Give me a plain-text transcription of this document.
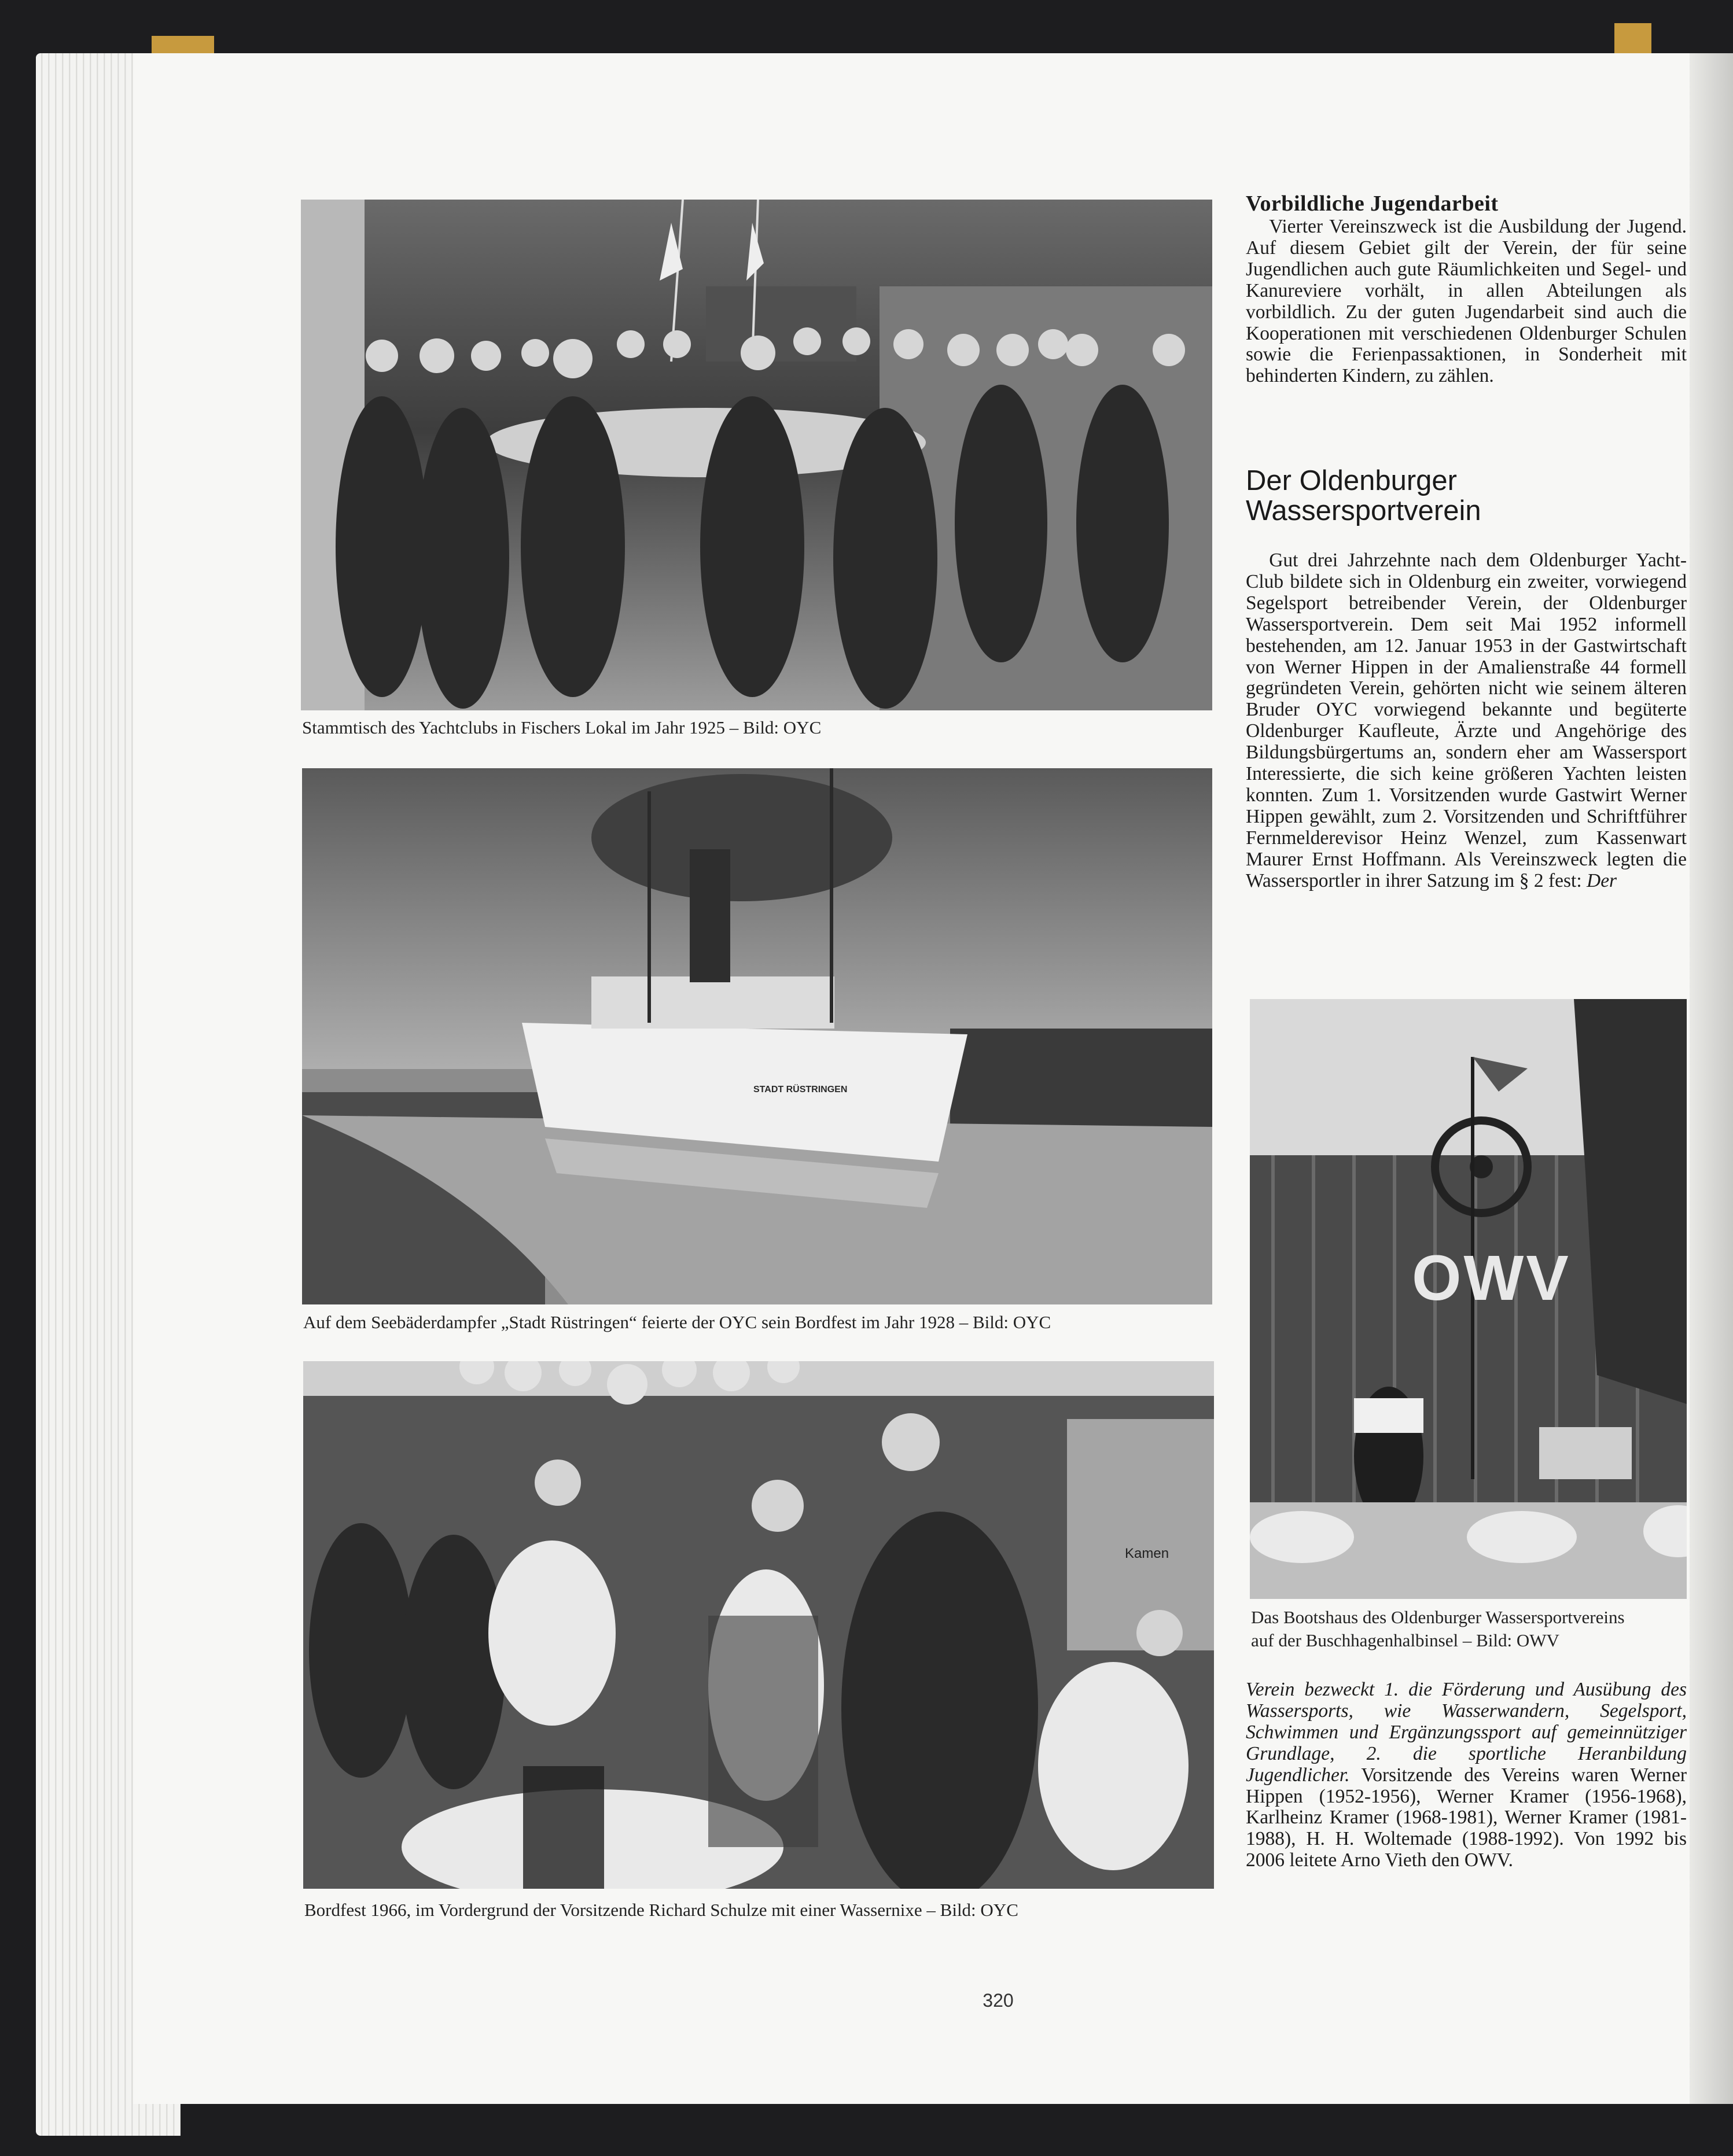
Stammtisch des Yachtclubs in Fischers Lokal im Jahr 1925 – Bild: OYC
STADT RÜSTRINGEN
Auf dem Seebäderdampfer „Stadt Rüstringen“ feierte der OYC sein Bordfest im Jahr 1928 – Bild: OYC
Kamen
Bordfest 1966, im Vordergrund der Vorsitzende Richard Schulze mit einer Wassernixe – Bild: OYC
OWV
Das Bootshaus des Oldenburger Wassersportvereins
auf der Buschhagenhalbinsel – Bild: OWV
Vorbildliche Jugendarbeit

Vierter Vereinszweck ist die Ausbildung der Jugend. Auf diesem Gebiet gilt der Verein, der für seine Jugendlichen auch gute Räumlichkeiten und Segel- und Kanureviere vorhält, in allen Abteilungen als vorbildlich. Zu der guten Jugendarbeit sind auch die Kooperationen mit verschiedenen Oldenburger Schulen sowie die Ferienpassaktionen, in Sonderheit mit behinderten Kindern, zu zählen.

Der Oldenburger
Wassersportverein

Gut drei Jahrzehnte nach dem Oldenburger Yacht-Club bildete sich in Oldenburg ein zweiter, vorwiegend Segelsport betreibender Verein, der Oldenburger Wassersportverein. Dem seit Mai 1952 informell bestehenden, am 12. Januar 1953 in der Gastwirtschaft von Werner Hippen in der Amalienstraße 44 formell gegründeten Verein, gehörten nicht wie seinem älteren Bruder OYC vorwiegend bekannte und begüterte Oldenburger Kaufleute, Ärzte und Angehörige des Bildungsbürgertums an, sondern eher am Wassersport Interessierte, die sich keine größeren Yachten leisten konnten. Zum 1. Vorsitzenden wurde Gastwirt Werner Hippen gewählt, zum 2. Vorsitzenden und Schriftführer Fernmelderevisor Heinz Wenzel, zum Kassenwart Maurer Ernst Hoffmann. Als Vereinszweck legten die Wassersportler in ihrer Satzung im § 2 fest: Der

Verein bezweckt 1. die Förderung und Ausübung des Wassersports, wie Wasserwandern, Segelsport, Schwimmen und Ergänzungssport auf gemeinnütziger Grundlage, 2. die sportliche Heranbildung Jugendlicher. Vorsitzende des Vereins waren Werner Hippen (1952-1956), Werner Kramer (1956-1968), Karlheinz Kramer (1968-1981), Werner Kramer (1981-1988), H. H. Woltemade (1988-1992). Von 1992 bis 2006 leitete Arno Vieth den OWV.

320
